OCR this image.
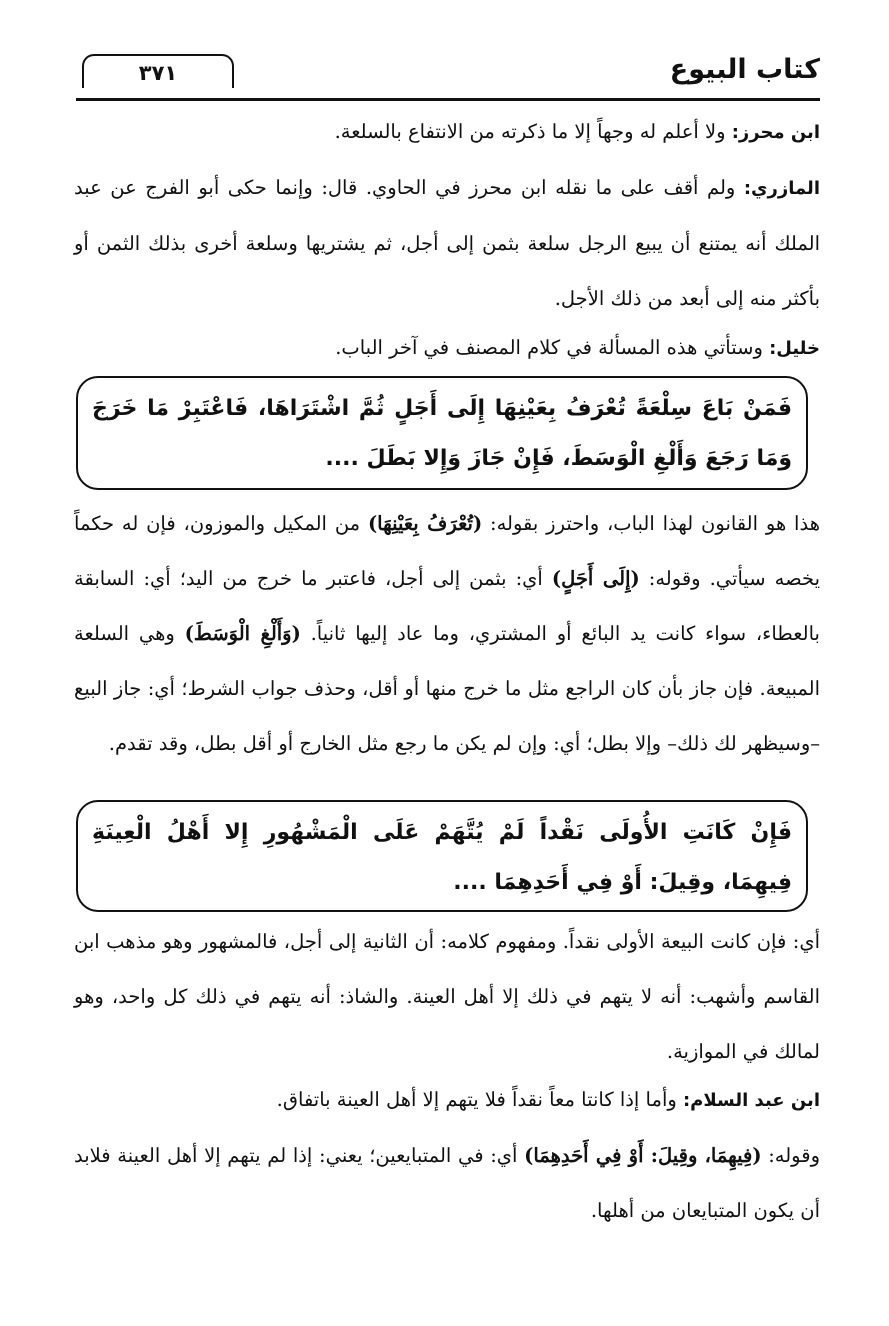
كتاب البيوع
٣٧١
ابن محرز: ولا أعلم له وجهاً إلا ما ذكرته من الانتفاع بالسلعة.
المازري: ولم أقف على ما نقله ابن محرز في الحاوي. قال: وإنما حكى أبو الفرج عن عبد الملك أنه يمتنع أن يبيع الرجل سلعة بثمن إلى أجل، ثم يشتريها وسلعة أخرى بذلك الثمن أو بأكثر منه إلى أبعد من ذلك الأجل.
خليل: وستأتي هذه المسألة في كلام المصنف في آخر الباب.
فَمَنْ بَاعَ سِلْعَةً تُعْرَفُ بِعَيْنِهَا إِلَى أَجَلٍ ثُمَّ اشْتَرَاهَا، فَاعْتَبِرْ مَا خَرَجَ وَمَا رَجَعَ وَأَلْغِ الْوَسَطَ، فَإِنْ جَازَ وَإِلا بَطَلَ ....
هذا هو القانون لهذا الباب، واحترز بقوله: (تُعْرَفُ بِعَيْنِهَا) من المكيل والموزون، فإن له حكماً يخصه سيأتي. وقوله: (إِلَى أَجَلٍ) أي: بثمن إلى أجل، فاعتبر ما خرج من اليد؛ أي: السابقة بالعطاء، سواء كانت يد البائع أو المشتري، وما عاد إليها ثانياً. (وَأَلْغِ الْوَسَطَ) وهي السلعة المبيعة. فإن جاز بأن كان الراجع مثل ما خرج منها أو أقل، وحذف جواب الشرط؛ أي: جاز البيع –وسيظهر لك ذلك– وإلا بطل؛ أي: وإن لم يكن ما رجع مثل الخارج أو أقل بطل، وقد تقدم.
فَإِنْ كَانَتِ الأُولَى نَقْداً لَمْ يُتَّهَمْ عَلَى الْمَشْهُورِ إِلا أَهْلُ الْعِينَةِ فِيهِمَا، وقِيلَ: أَوْ فِي أَحَدِهِمَا ....
أي: فإن كانت البيعة الأولى نقداً. ومفهوم كلامه: أن الثانية إلى أجل، فالمشهور وهو مذهب ابن القاسم وأشهب: أنه لا يتهم في ذلك إلا أهل العينة. والشاذ: أنه يتهم في ذلك كل واحد، وهو لمالك في الموازية.
ابن عبد السلام: وأما إذا كانتا معاً نقداً فلا يتهم إلا أهل العينة باتفاق.
وقوله: (فِيهِمَا، وقِيلَ: أَوْ فِي أَحَدِهِمَا) أي: في المتبايعين؛ يعني: إذا لم يتهم إلا أهل العينة فلابد أن يكون المتبايعان من أهلها.
